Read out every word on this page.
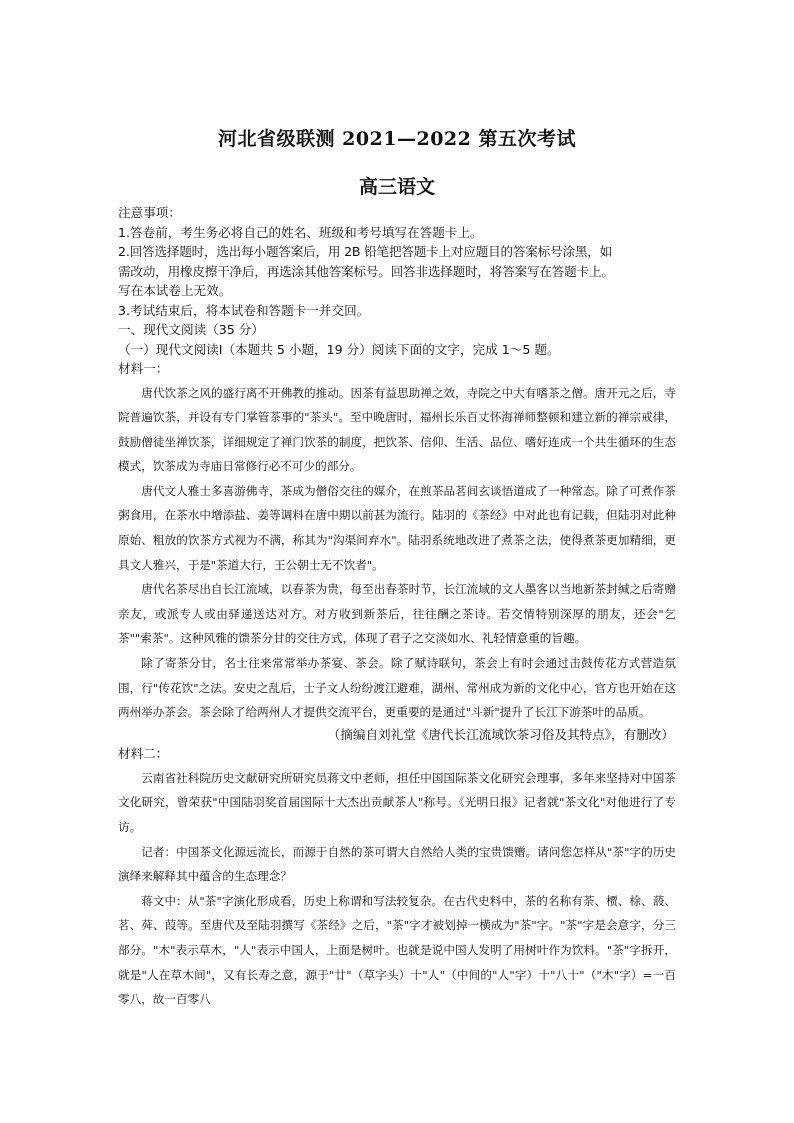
河北省级联测 2021—2022 第五次考试
高三语文
注意事项：
1.答卷前，考生务必将自己的姓名、班级和考号填写在答题卡上。
2.回答选择题时，选出每小题答案后，用 2B 铅笔把答题卡上对应题目的答案标号涂黑，如
需改动，用橡皮擦干净后，再选涂其他答案标号。回答非选择题时，将答案写在答题卡上。
写在本试卷上无效。
3.考试结束后，将本试卷和答题卡一并交回。
一、现代文阅读（35 分）
（一）现代文阅读Ⅰ（本题共 5 小题，19 分）阅读下面的文字，完成 1～5 题。
材料一：

唐代饮茶之风的盛行离不开佛教的推动。因茶有益思助禅之效，寺院之中大有嗜茶之僧。唐开元之后，寺院普遍饮茶，并设有专门掌管茶事的"茶头"。至中晚唐时，福州长乐百丈怀海禅师整顿和建立新的禅宗戒律，鼓励僧徒坐禅饮茶，详细规定了禅门饮茶的制度，把饮茶、信仰、生活、品位、嗜好连成一个共生循环的生态模式，饮茶成为寺庙日常修行必不可少的部分。

唐代文人雅士多喜游佛寺，茶成为僧俗交往的媒介，在煎茶品茗间玄谈悟道成了一种常态。除了可煮作茶粥食用，在茶水中增添盐、姜等调料在唐中期以前甚为流行。陆羽的《茶经》中对此也有记载，但陆羽对此种原始、粗放的饮茶方式视为不满，称其为"沟渠间弃水"。陆羽系统地改进了煮茶之法，使得煮茶更加精细，更具文人雅兴，于是"茶道大行，王公朝士无不饮者"。

唐代名茶尽出自长江流域，以春茶为贵，每至出春茶时节，长江流域的文人墨客以当地新茶封缄之后寄赠亲友，或派专人或由驿递送达对方。对方收到新茶后，往往酬之茶诗。若交情特别深厚的朋友，还会"乞茶""索茶"。这种风雅的馈茶分甘的交往方式，体现了君子之交淡如水、礼轻情意重的旨趣。

除了寄茶分甘，名士往来常常举办茶宴、茶会。除了赋诗联句，茶会上有时会通过击鼓传花方式营造氛围，行"传花饮"之法。安史之乱后，士子文人纷纷渡江避难，湖州、常州成为新的文化中心，官方也开始在这两州举办茶会。茶会除了给两州人才提供交流平台，更重要的是通过"斗新"提升了长江下游茶叶的品质。

（摘编自刘礼堂《唐代长江流域饮茶习俗及其特点》，有删改）
材料二：

云南省社科院历史文献研究所研究员蒋文中老师，担任中国国际茶文化研究会理事，多年来坚持对中国茶文化研究，曾荣获"中国陆羽奖首届国际十大杰出贡献茶人"称号。《光明日报》记者就"茶文化"对他进行了专访。

记者：中国茶文化源远流长，而源于自然的茶可谓大自然给人类的宝贵馈赠。请问您怎样从"茶"字的历史演绎来解释其中蕴含的生态理念？

蒋文中：从"茶"字演化形成看，历史上称谓和写法较复杂。在古代史料中，茶的名称有荼、槚、梌、蔎、茗、荈、葭等。至唐代及至陆羽撰写《茶经》之后，"茶"字才被划掉一横成为"茶"字。"茶"字是会意字，分三部分。"木"表示草木，"人"表示中国人，上面是树叶。也就是说中国人发明了用树叶作为饮料。"茶"字拆开，就是"人在草木间"，又有长寿之意，源于"廿"（草字头）十"人"（中间的"人"字）十"八十"（"木"字）=一百零八，故一百零八
